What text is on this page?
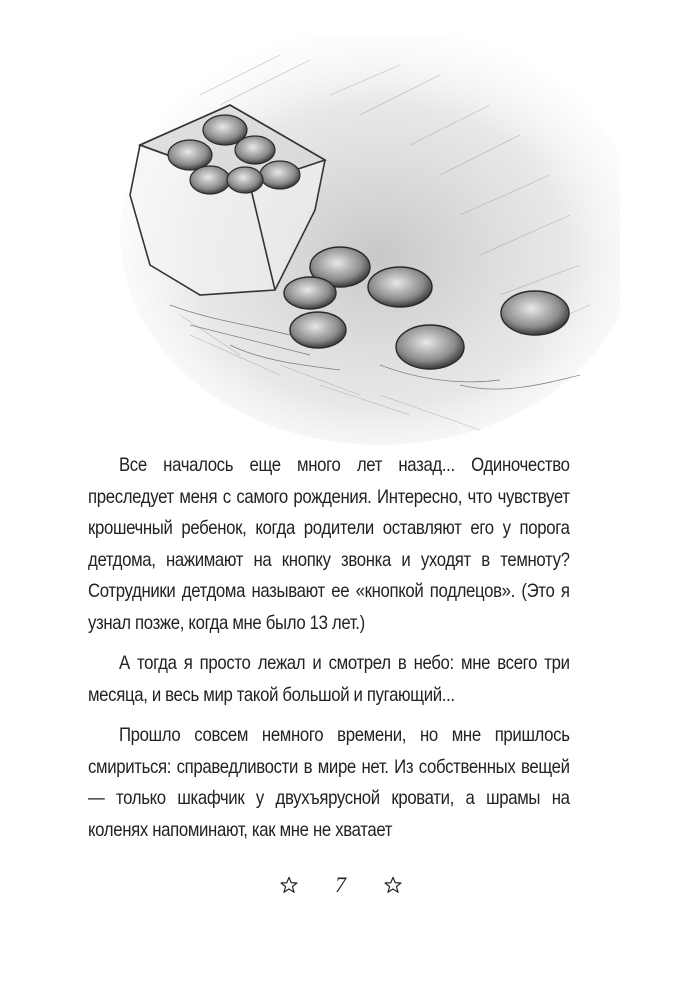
Все началось еще много лет назад... Одиночество преследует меня с самого рождения. Интересно, что чувствует крошечный ребенок, когда родители оставляют его у порога детдома, нажимают на кнопку звонка и уходят в темноту? Сотрудники детдома называют ее «кнопкой подлецов». (Это я узнал позже, когда мне было 13 лет.)

А тогда я просто лежал и смотрел в небо: мне всего три месяца, и весь мир такой большой и пугающий...

Прошло совсем немного времени, но мне пришлось смириться: справедливости в мире нет. Из собственных вещей — только шкафчик у двухъярусной кровати, а шрамы на коленях напоминают, как мне не хватает

7
